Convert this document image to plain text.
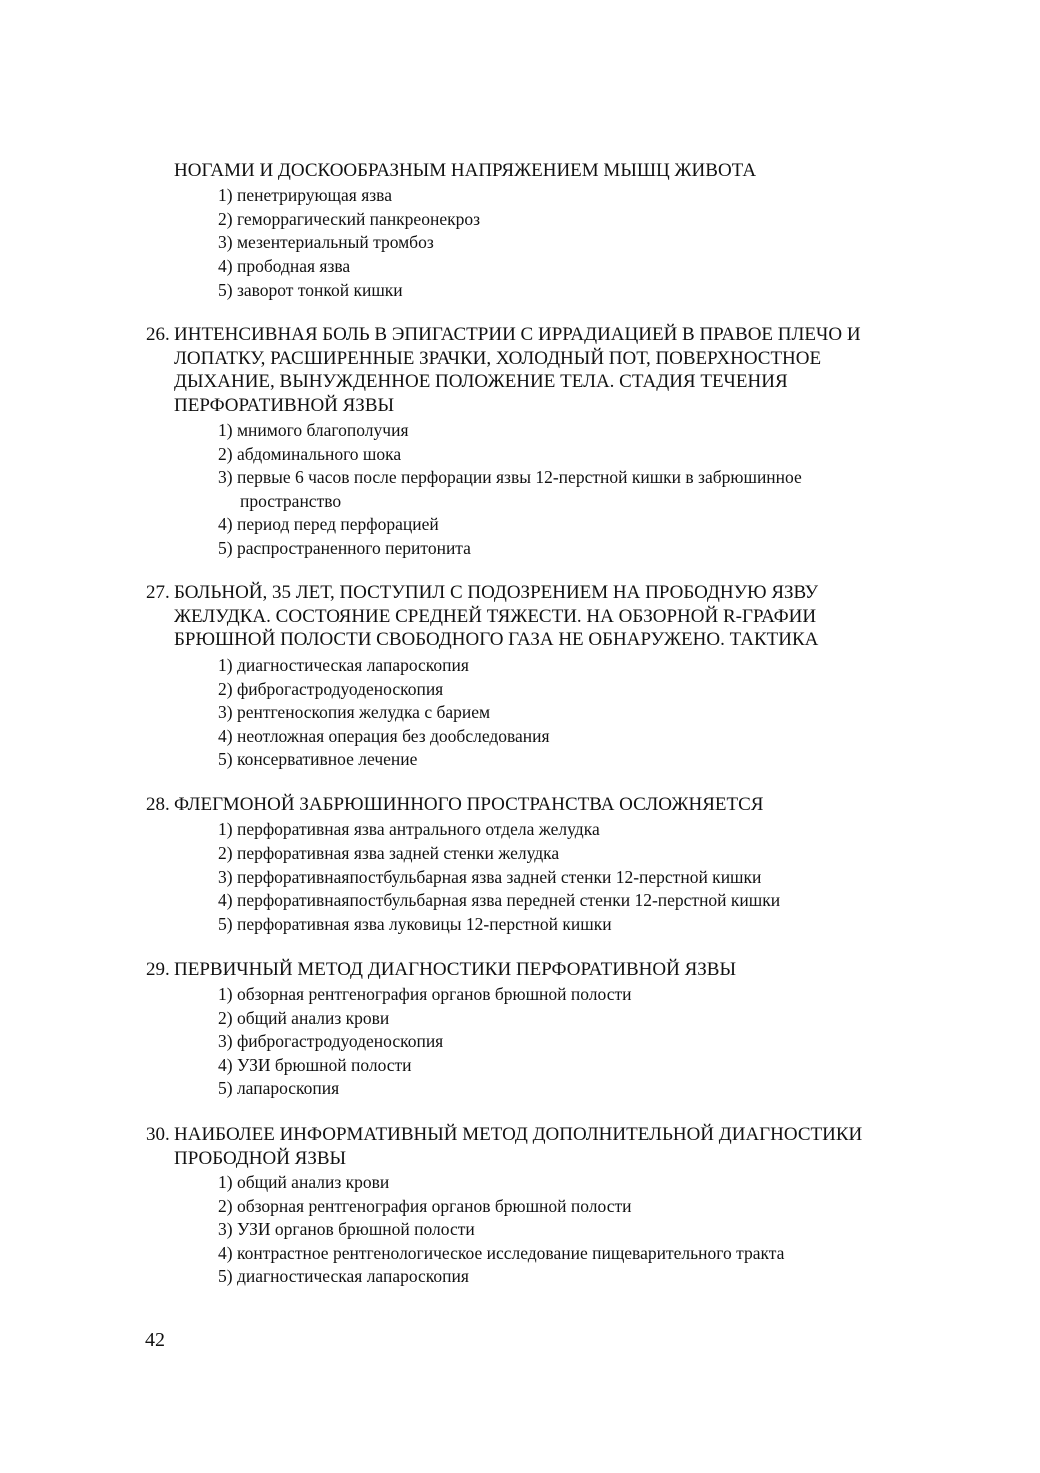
НОГАМИ И ДОСКООБРАЗНЫМ НАПРЯЖЕНИЕМ МЫШЦ ЖИВОТА
1) пенетрирующая язва
2) геморрагический панкреонекроз
3) мезентериальный тромбоз
4) прободная язва
5) заворот тонкой кишки
26. ИНТЕНСИВНАЯ БОЛЬ В ЭПИГАСТРИИ С ИРРАДИАЦИЕЙ В ПРАВОЕ ПЛЕЧО И
ЛОПАТКУ, РАСШИРЕННЫЕ ЗРАЧКИ, ХОЛОДНЫЙ ПОТ, ПОВЕРХНОСТНОЕ
ДЫХАНИЕ, ВЫНУЖДЕННОЕ ПОЛОЖЕНИЕ ТЕЛА. СТАДИЯ ТЕЧЕНИЯ
ПЕРФОРАТИВНОЙ ЯЗВЫ
1) мнимого благополучия
2) абдоминального шока
3) первые 6 часов после перфорации язвы 12-перстной кишки в забрюшинное
пространство
4) период перед перфорацией
5) распространенного перитонита
27. БОЛЬНОЙ, 35 ЛЕТ, ПОСТУПИЛ С ПОДОЗРЕНИЕМ НА ПРОБОДНУЮ ЯЗВУ
ЖЕЛУДКА. СОСТОЯНИЕ СРЕДНЕЙ ТЯЖЕСТИ. НА ОБЗОРНОЙ R-ГРАФИИ
БРЮШНОЙ ПОЛОСТИ СВОБОДНОГО ГАЗА НЕ ОБНАРУЖЕНО. ТАКТИКА
1) диагностическая лапароскопия
2) фиброгастродуоденоскопия
3) рентгеноскопия желудка с барием
4) неотложная операция без дообследования
5) консервативное лечение
28. ФЛЕГМОНОЙ ЗАБРЮШИННОГО ПРОСТРАНСТВА ОСЛОЖНЯЕТСЯ
1) перфоративная язва антрального отдела желудка
2) перфоративная язва задней стенки желудка
3) перфоративнаяпостбульбарная язва задней стенки 12-перстной кишки
4) перфоративнаяпостбульбарная язва передней стенки 12-перстной кишки
5) перфоративная язва луковицы 12-перстной кишки
29. ПЕРВИЧНЫЙ МЕТОД ДИАГНОСТИКИ ПЕРФОРАТИВНОЙ ЯЗВЫ
1) обзорная рентгенография органов брюшной полости
2) общий анализ крови
3) фиброгастродуоденоскопия
4) УЗИ брюшной полости
5) лапароскопия
30. НАИБОЛЕЕ ИНФОРМАТИВНЫЙ МЕТОД ДОПОЛНИТЕЛЬНОЙ ДИАГНОСТИКИ
ПРОБОДНОЙ ЯЗВЫ
1) общий анализ крови
2) обзорная рентгенография органов брюшной полости
3) УЗИ органов брюшной полости
4) контрастное рентгенологическое исследование пищеварительного тракта
5) диагностическая лапароскопия
42
